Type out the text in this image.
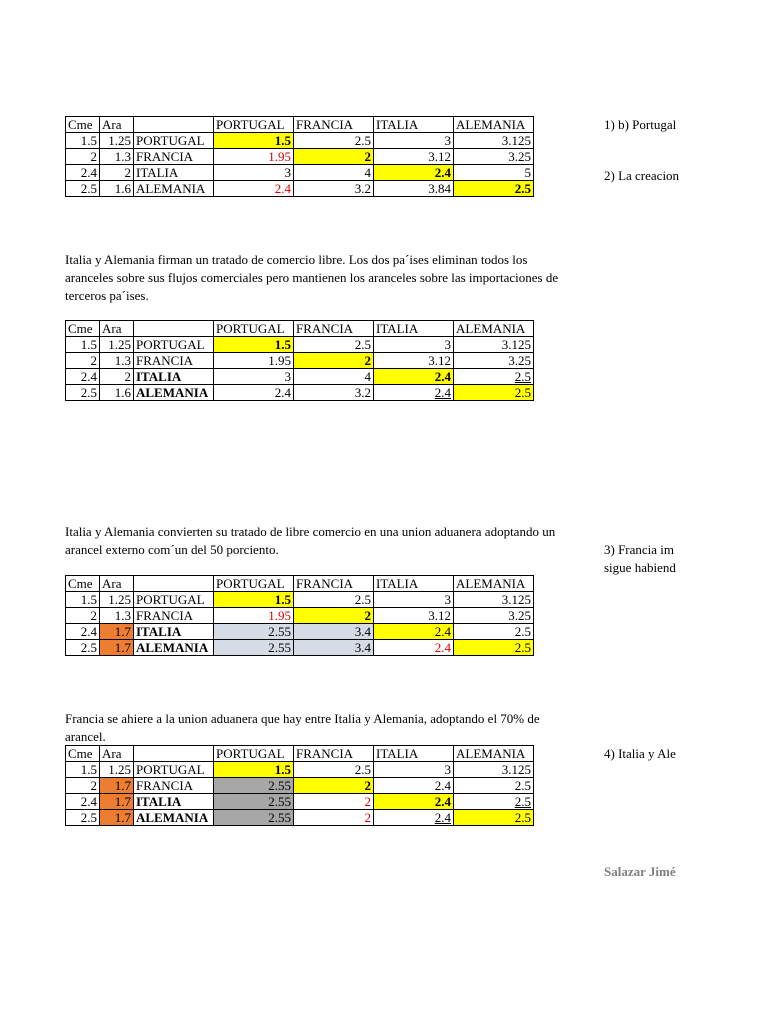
Cme	Ara		PORTUGAL	FRANCIA	ITALIA	ALEMANIA
1.5	1.25	PORTUGAL	1.5	2.5	3	3.125
2	1.3	FRANCIA	1.95	2	3.12	3.25
2.4	2	ITALIA	3	4	2.4	5
2.5	1.6	ALEMANIA	2.4	3.2	3.84	2.5
1) b) Portugal
2) La creacion

Italia y Alemania firman un tratado de comercio libre. Los dos pa´ises eliminan todos los aranceles sobre sus flujos comerciales pero mantienen los aranceles sobre las importaciones de terceros pa´ises.

Cme	Ara		PORTUGAL	FRANCIA	ITALIA	ALEMANIA
1.5	1.25	PORTUGAL	1.5	2.5	3	3.125
2	1.3	FRANCIA	1.95	2	3.12	3.25
2.4	2	ITALIA	3	4	2.4	2.5
2.5	1.6	ALEMANIA	2.4	3.2	2.4	2.5

Italia y Alemania convierten su tratado de libre comercio en una union aduanera adoptando un arancel externo com´un del 50 porciento.	3) Francia im
sigue habiend
Cme	Ara		PORTUGAL	FRANCIA	ITALIA	ALEMANIA
1.5	1.25	PORTUGAL	1.5	2.5	3	3.125
2	1.3	FRANCIA	1.95	2	3.12	3.25
2.4	1.7	ITALIA	2.55	3.4	2.4	2.5
2.5	1.7	ALEMANIA	2.55	3.4	2.4	2.5

Francia se ahiere a la union aduanera que hay entre Italia y Alemania, adoptando el 70% de arancel.

4) Italia y Ale
Cme	Ara		PORTUGAL	FRANCIA	ITALIA	ALEMANIA
1.5	1.25	PORTUGAL	1.5	2.5	3	3.125
2	1.7	FRANCIA	2.55	2	2.4	2.5
2.4	1.7	ITALIA	2.55	2	2.4	2.5
2.5	1.7	ALEMANIA	2.55	2	2.4	2.5
Salazar Jimé
